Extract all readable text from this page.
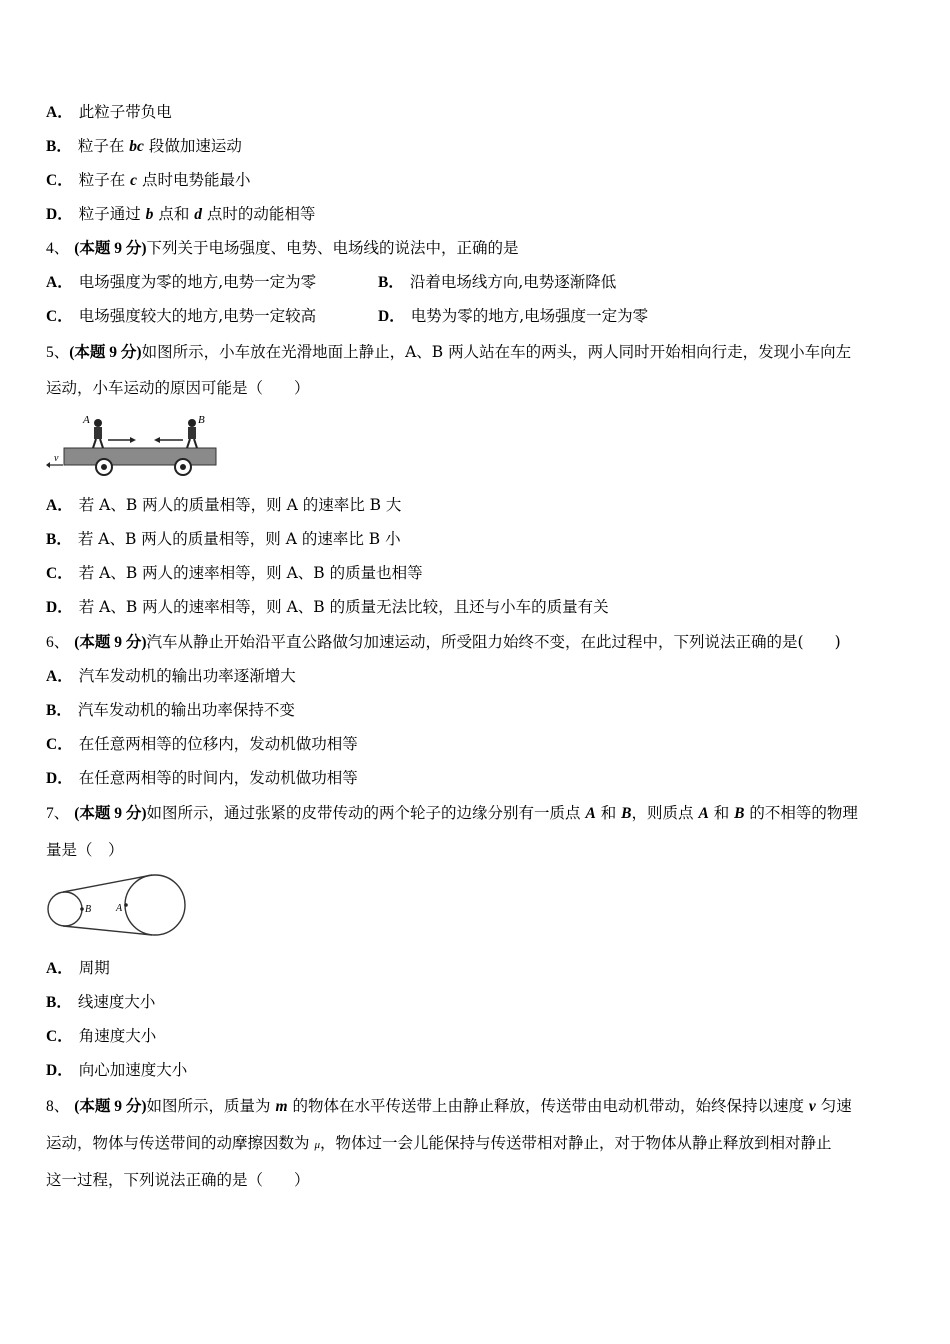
A． 此粒子带负电
B． 粒子在 bc 段做加速运动
C． 粒子在 c 点时电势能最小
D． 粒子通过 b 点和 d 点时的动能相等
4、 (本题 9 分)下列关于电场强度、电势、电场线的说法中，正确的是
A． 电场强度为零的地方,电势一定为零	B． 沿着电场线方向,电势逐渐降低
C． 电场强度较大的地方,电势一定较高	D． 电势为零的地方,电场强度一定为零
5、(本题 9 分)如图所示，小车放在光滑地面上静止，A、B 两人站在车的两头，两人同时开始相向行走，发现小车向左
运动，小车运动的原因可能是（　　）
A	B
v
A． 若 A、B 两人的质量相等，则 A 的速率比 B 大
B． 若 A、B 两人的质量相等，则 A 的速率比 B 小
C． 若 A、B 两人的速率相等，则 A、B 的质量也相等
D． 若 A、B 两人的速率相等，则 A、B 的质量无法比较，且还与小车的质量有关
6、 (本题 9 分)汽车从静止开始沿平直公路做匀加速运动，所受阻力始终不变，在此过程中，下列说法正确的是(　　)
A． 汽车发动机的输出功率逐渐增大
B． 汽车发动机的输出功率保持不变
C． 在任意两相等的位移内，发动机做功相等
D． 在任意两相等的时间内，发动机做功相等
7、 (本题 9 分)如图所示，通过张紧的皮带传动的两个轮子的边缘分别有一质点 A 和 B，则质点 A 和 B 的不相等的物理
量是（　）
B A
A． 周期
B． 线速度大小
C． 角速度大小
D． 向心加速度大小
8、 (本题 9 分)如图所示，质量为 m 的物体在水平传送带上由静止释放，传送带由电动机带动，始终保持以速度 v 匀速
运动，物体与传送带间的动摩擦因数为 μ，物体过一会儿能保持与传送带相对静止，对于物体从静止释放到相对静止
这一过程，下列说法正确的是（　　）
